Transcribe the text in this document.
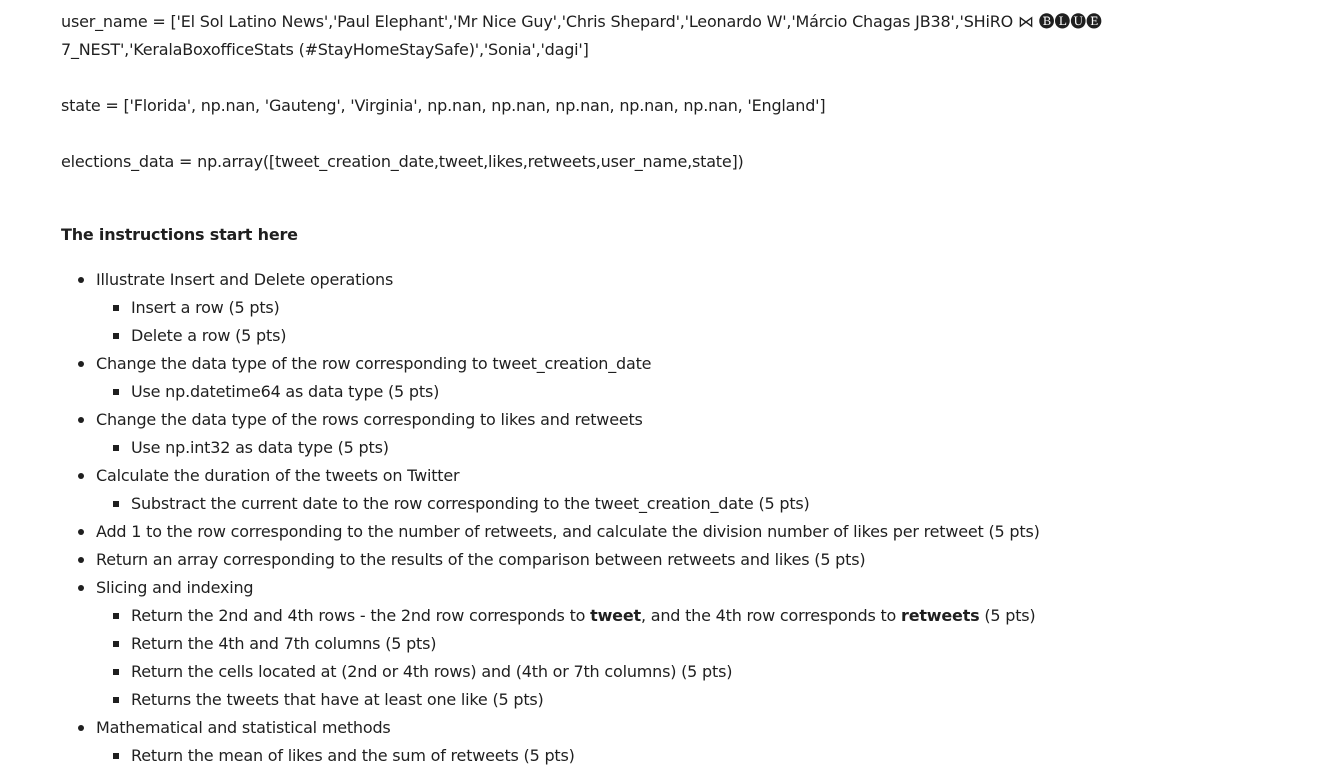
user_name = ['El Sol Latino News','Paul Elephant','Mr Nice Guy','Chris Shepard','Leonardo W','Márcio Chagas JB38','SHiRO ⋈ 🅑🅛🅤🅔 7_NEST','KeralaBoxofficeStats (#StayHomeStaySafe)','Sonia','dagi']

state = ['Florida', np.nan, 'Gauteng', 'Virginia', np.nan, np.nan, np.nan, np.nan, np.nan, 'England']

elections_data = np.array([tweet_creation_date,tweet,likes,retweets,user_name,state])

The instructions start here

Illustrate Insert and Delete operations
Insert a row (5 pts)
Delete a row (5 pts)
Change the data type of the row corresponding to tweet_creation_date
Use np.datetime64 as data type (5 pts)
Change the data type of the rows corresponding to likes and retweets
Use np.int32 as data type (5 pts)
Calculate the duration of the tweets on Twitter
Substract the current date to the row corresponding to the tweet_creation_date (5 pts)
Add 1 to the row corresponding to the number of retweets, and calculate the division number of likes per retweet (5 pts)
Return an array corresponding to the results of the comparison between retweets and likes (5 pts)
Slicing and indexing
Return the 2nd and 4th rows - the 2nd row corresponds to tweet, and the 4th row corresponds to retweets (5 pts)
Return the 4th and 7th columns (5 pts)
Return the cells located at (2nd or 4th rows) and (4th or 7th columns) (5 pts)
Returns the tweets that have at least one like (5 pts)
Mathematical and statistical methods
Return the mean of likes and the sum of retweets (5 pts)
